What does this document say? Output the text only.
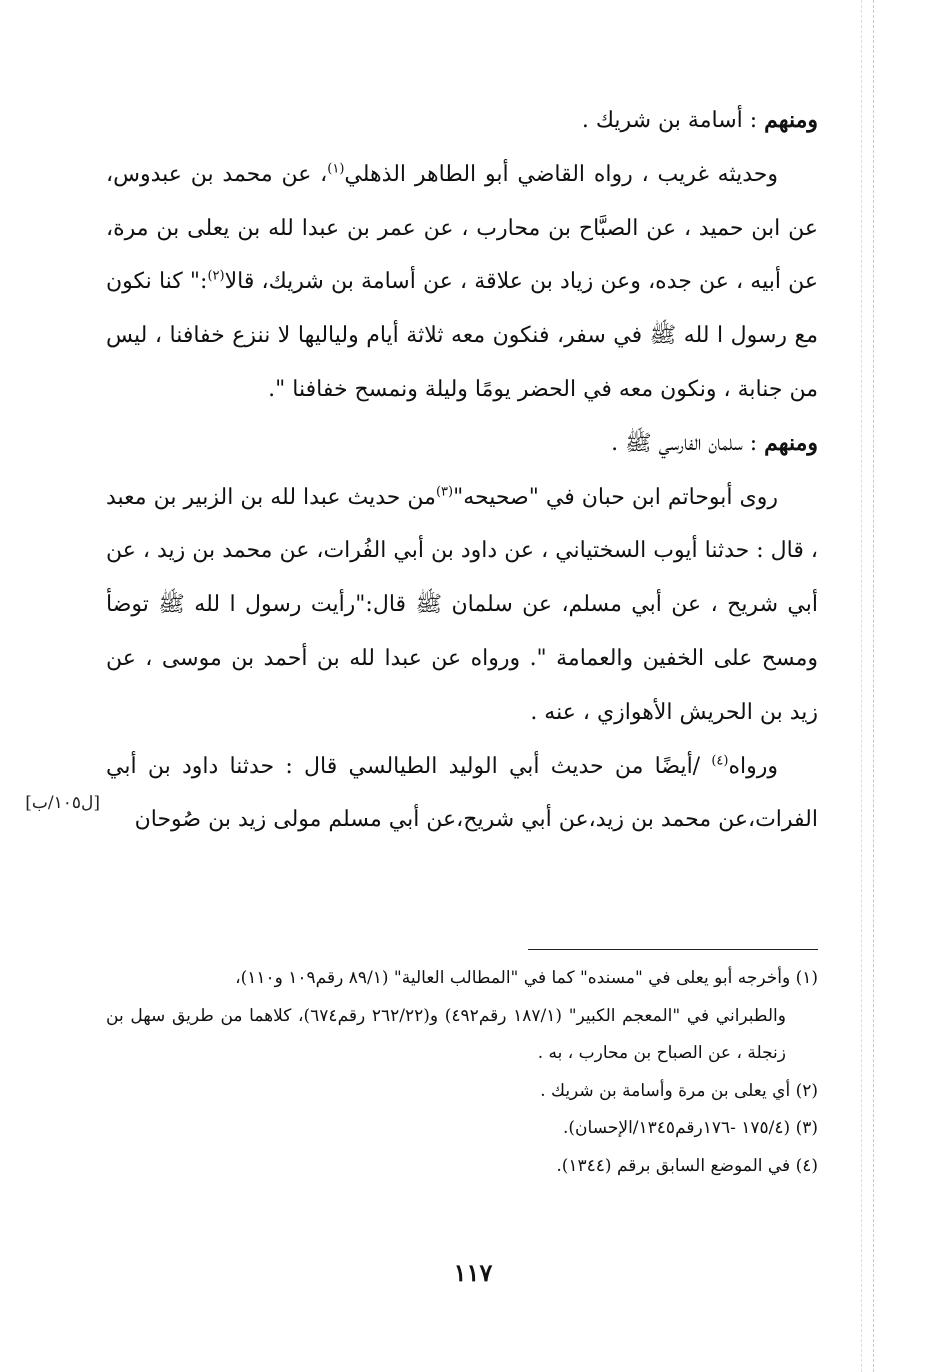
ومنهم : أسامة بن شريك .

وحديثه غريب ، رواه القاضي أبو الطاهر الذهلي$^{(١)}$، عن محمد بن عبدوس، عن ابن حميد ، عن الصبَّاح بن محارب ، عن عمر بن عبدا لله بن يعلى بن مرة، عن أبيه ، عن جده، وعن زياد بن علاقة ، عن أسامة بن شريك، قالا$^{(٢)}$:" كنا نكون مع رسول ا لله ﷺ في سفر، فنكون معه ثلاثة أيام ولياليها لا ننزع خفافنا ، ليس من جنابة ، ونكون معه في الحضر يومًا وليلة ونمسح خفافنا ".

ومنهم : سلمان الفارسي ﷺ .

روى أبوحاتم ابن حبان في "صحيحه"$^{(٣)}$من حديث عبدا لله بن الزبير بن معبد ، قال : حدثنا أيوب السختياني ، عن داود بن أبي الفُرات، عن محمد بن زيد ، عن أبي شريح ، عن أبي مسلم، عن سلمان ﷺ قال:"رأيت رسول ا لله ﷺ توضأ ومسح على الخفين والعمامة ". ورواه عن عبدا لله بن أحمد بن موسى ، عن زيد بن الحريش الأهوازي ، عنه .

ورواه$^{(٤)}$ /أيضًا من حديث أبي الوليد الطيالسي قال : حدثنا داود بن أبي الفرات،عن محمد بن زيد،عن أبي شريح،عن أبي مسلم مولى زيد بن صُوحان

[ل١٠٥/ب]

(١) وأخرجه أبو يعلى في "مسنده" كما في "المطالب العالية" (٨٩/١ رقم١٠٩ و١١٠)،

والطبراني في "المعجم الكبير" (١٨٧/١ رقم٤٩٢) و(٢٦٢/٢٢ رقم٦٧٤)، كلاهما من طريق سهل بن زنجلة ، عن الصباح بن محارب ، به .

(٢) أي يعلى بن مرة وأسامة بن شريك .

(٣) (١٧٥/٤ -١٧٦رقم١٣٤٥/الإحسان).

(٤) في الموضع السابق برقم (١٣٤٤).

١١٧
